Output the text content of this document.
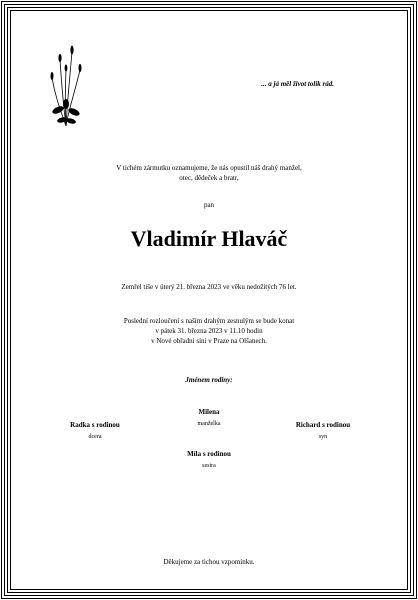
... a já měl život tolik rád.
V tichém zármutku oznamujeme, že nás opustil náš drahý manžel,
otec, dědeček a bratr,
pan
Vladimír Hlaváč
Zemřel tiše v úterý 21. března 2023 ve věku nedožitých 76 let.
Poslední rozloučení s naším drahým zesnulým se bude konat
v pátek 31. března 2023 v 11.10 hodin
v Nové obřadní síni v Praze na Olšanech.
Jménem rodiny:
Milena
manželka
Radka s rodinou
dcera
Richard s rodinou
syn
Míla s rodinou
sestra
Děkujeme za tichou vzpomínku.
